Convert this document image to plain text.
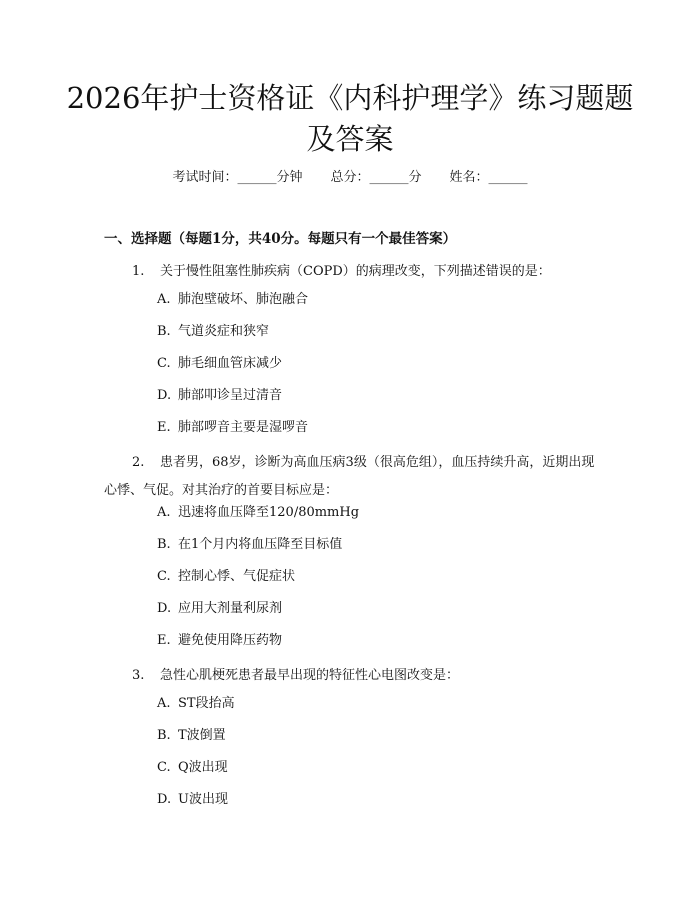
2026年护士资格证《内科护理学》练习题题及答案
考试时间：______分钟 总分：______分 姓名：______
一、选择题（每题1分，共40分。每题只有一个最佳答案）
1. 关于慢性阻塞性肺疾病（COPD）的病理改变，下列描述错误的是：
A. 肺泡壁破坏、肺泡融合
B. 气道炎症和狭窄
C. 肺毛细血管床减少
D. 肺部叩诊呈过清音
E. 肺部啰音主要是湿啰音
2. 患者男，68岁，诊断为高血压病3级（很高危组），血压持续升高，近期出现心悸、气促。对其治疗的首要目标应是：
A. 迅速将血压降至120/80mmHg
B. 在1个月内将血压降至目标值
C. 控制心悸、气促症状
D. 应用大剂量利尿剂
E. 避免使用降压药物
3. 急性心肌梗死患者最早出现的特征性心电图改变是：
A. ST段抬高
B. T波倒置
C. Q波出现
D. U波出现
